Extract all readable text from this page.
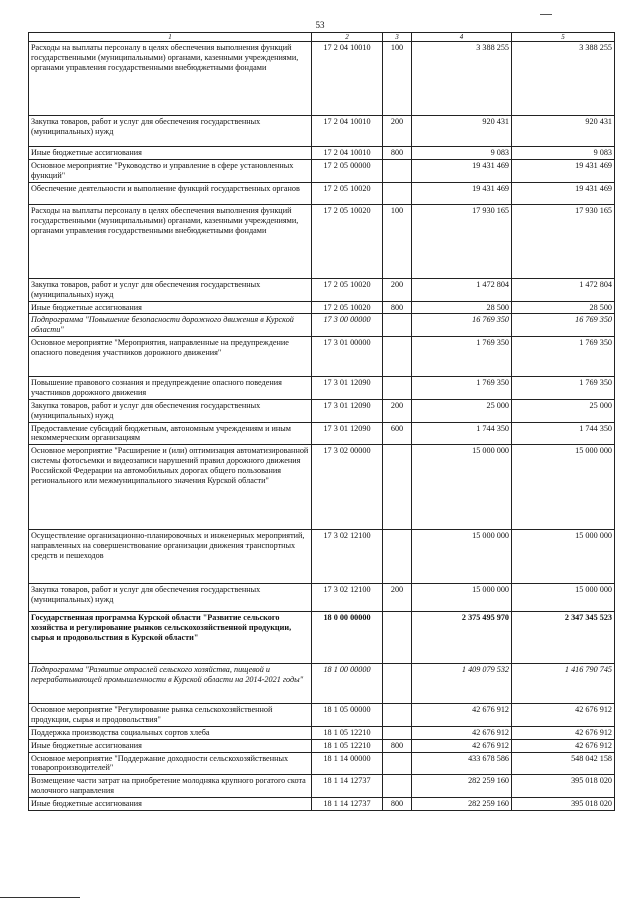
53
1	2	3	4	5
Расходы на выплаты персоналу в целях обеспечения выполнения функций государственными (муниципальными) органами, казенными учреждениями, органами управления государственными внебюджетными фондами	17 2 04 10010	100	3 388 255	3 388 255
Закупка товаров, работ и услуг для обеспечения государственных (муниципальных) нужд	17 2 04 10010	200	920 431	920 431
Иные бюджетные ассигнования	17 2 04 10010	800	9 083	9 083
Основное мероприятие "Руководство и управление в сфере установленных функций"	17 2 05 00000		19 431 469	19 431 469
Обеспечение деятельности и выполнение функций государственных органов	17 2 05 10020		19 431 469	19 431 469
Расходы на выплаты персоналу в целях обеспечения выполнения функций государственными (муниципальными) органами, казенными учреждениями, органами управления государственными внебюджетными фондами	17 2 05 10020	100	17 930 165	17 930 165
Закупка товаров, работ и услуг для обеспечения государственных (муниципальных) нужд	17 2 05 10020	200	1 472 804	1 472 804
Иные бюджетные ассигнования	17 2 05 10020	800	28 500	28 500
Подпрограмма "Повышение безопасности дорожного движения в Курской области"	17 3 00 00000		16 769 350	16 769 350
Основное мероприятие "Мероприятия, направленные на предупреждение опасного поведения участников дорожного движения"	17 3 01 00000		1 769 350	1 769 350
Повышение правового сознания и предупреждение опасного поведения участников дорожного движения	17 3 01 12090		1 769 350	1 769 350
Закупка товаров, работ и услуг для обеспечения государственных (муниципальных) нужд	17 3 01 12090	200	25 000	25 000
Предоставление субсидий бюджетным, автономным учреждениям и иным некоммерческим организациям	17 3 01 12090	600	1 744 350	1 744 350
Основное мероприятие "Расширение и (или) оптимизация автоматизированной системы фотосъемки и видеозаписи нарушений правил дорожного движения Российской Федерации на автомобильных дорогах общего пользования регионального или межмуниципального значения Курской области"	17 3 02 00000		15 000 000	15 000 000
Осуществление организационно-планировочных и инженерных мероприятий, направленных на совершенствование организации движения транспортных средств и пешеходов	17 3 02 12100		15 000 000	15 000 000
Закупка товаров, работ и услуг для обеспечения государственных (муниципальных) нужд	17 3 02 12100	200	15 000 000	15 000 000
Государственная программа Курской области "Развитие сельского хозяйства и регулирование рынков сельскохозяйственной продукции, сырья и продовольствия в Курской области"	18 0 00 00000		2 375 495 970	2 347 345 523
Подпрограмма "Развитие отраслей сельского хозяйства, пищевой и перерабатывающей промышленности в Курской области на 2014-2021 годы"	18 1 00 00000		1 409 079 532	1 416 790 745
Основное мероприятие "Регулирование рынка сельскохозяйственной продукции, сырья и продовольствия"	18 1 05 00000		42 676 912	42 676 912
Поддержка производства социальных сортов хлеба	18 1 05 12210		42 676 912	42 676 912
Иные бюджетные ассигнования	18 1 05 12210	800	42 676 912	42 676 912
Основное мероприятие "Поддержание доходности сельскохозяйственных товаропроизводителей"	18 1 14 00000		433 678 586	548 042 158
Возмещение части затрат на приобретение молодняка крупного рогатого скота молочного направления	18 1 14 12737		282 259 160	395 018 020
Иные бюджетные ассигнования	18 1 14 12737	800	282 259 160	395 018 020
